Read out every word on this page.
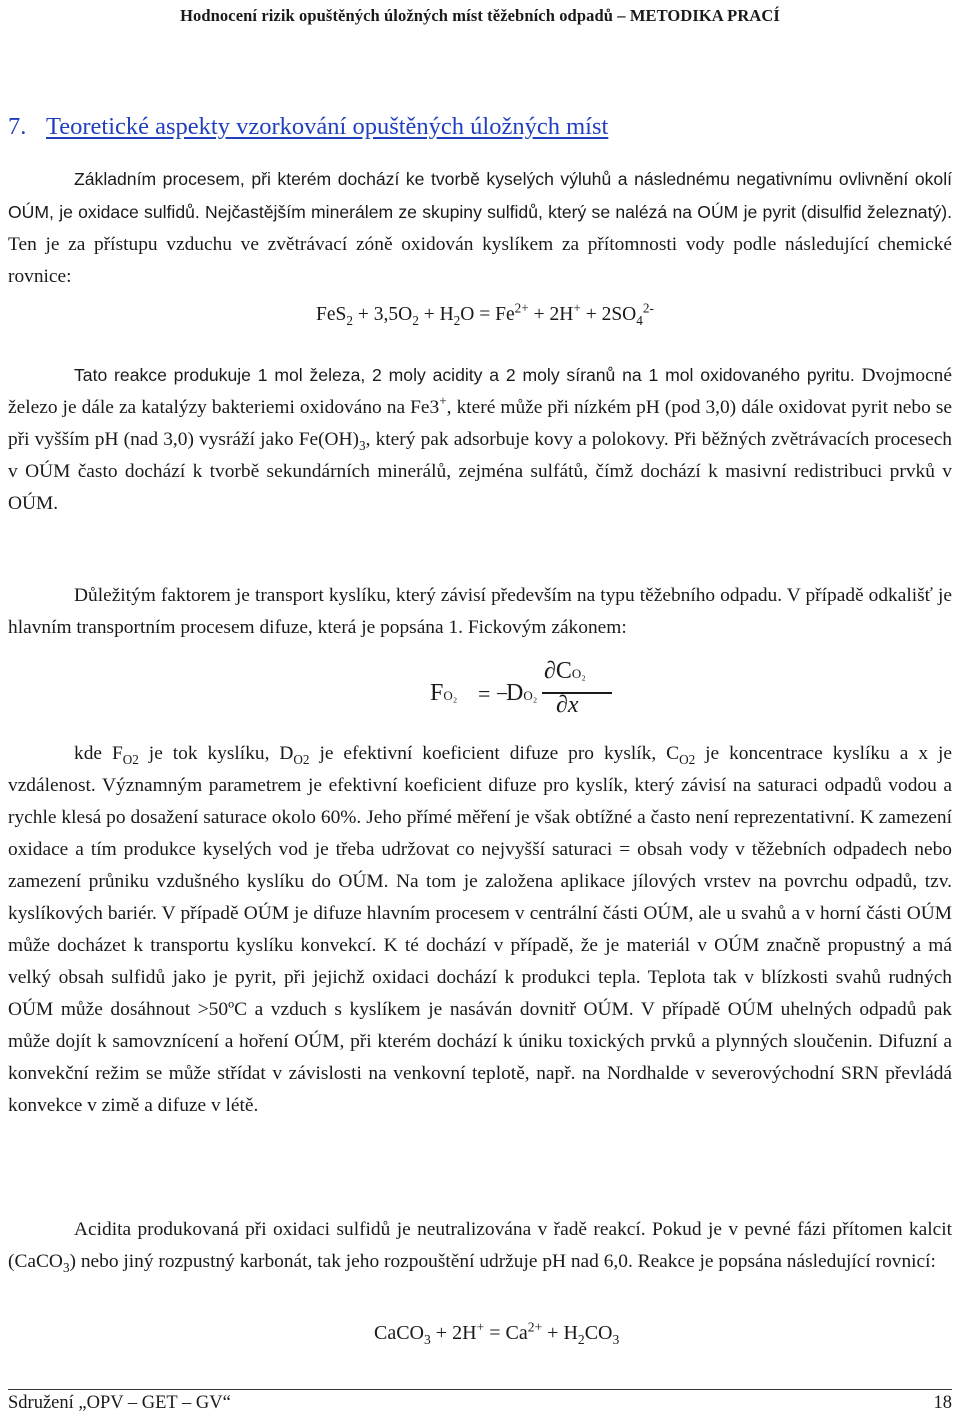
Hodnocení rizik opuštěných úložných míst těžebních odpadů – METODIKA PRACÍ
7. Teoretické aspekty vzorkování opuštěných úložných míst

Základním procesem, při kterém dochází ke tvorbě kyselých výluhů a následnému negativnímu ovlivnění okolí OÚM, je oxidace sulfidů. Nejčastějším minerálem ze skupiny sulfidů, který se nalézá na OÚM je pyrit (disulfid železnatý). Ten je za přístupu vzduchu ve zvětrávací zóně oxidován kyslíkem za přítomnosti vody podle následující chemické rovnice:

$FeS_2 + 3,5O_2 + H_2O = Fe^{2+} + 2H^+ + 2SO_4^{2-}$

Tato reakce produkuje 1 mol železa, 2 moly acidity a 2 moly síranů na 1 mol oxidovaného pyritu. Dvojmocné železo je dále za katalýzy bakteriemi oxidováno na Fe3+, které může při nízkém pH (pod 3,0) dále oxidovat pyrit nebo se při vyšším pH (nad 3,0) vysráží jako $Fe(OH)_3$, který pak adsorbuje kovy a polokovy. Při běžných zvětrávacích procesech v OÚM často dochází k tvorbě sekundárních minerálů, zejména sulfátů, čímž dochází k masivní redistribuci prvků v OÚM.

Důležitým faktorem je transport kyslíku, který závisí především na typu těžebního odpadu. V případě odkališť je hlavním transportním procesem difuze, která je popsána 1. Fickovým zákonem:

FO₂ = −
DO₂
∂CO₂
∂x

kde $F_{O2}$ je tok kyslíku, $D_{O2}$ je efektivní koeficient difuze pro kyslík, $C_{O2}$ je koncentrace kyslíku a x je vzdálenost. Významným parametrem je efektivní koeficient difuze pro kyslík, který závisí na saturaci odpadů vodou a rychle klesá po dosažení saturace okolo 60%. Jeho přímé měření je však obtížné a často není reprezentativní. K zamezení oxidace a tím produkce kyselých vod je třeba udržovat co nejvyšší saturaci = obsah vody v těžebních odpadech nebo zamezení průniku vzdušného kyslíku do OÚM. Na tom je založena aplikace jílových vrstev na povrchu odpadů, tzv. kyslíkových bariér. V případě OÚM je difuze hlavním procesem v centrální části OÚM, ale u svahů a v horní části OÚM může docházet k transportu kyslíku konvekcí. K té dochází v případě, že je materiál v OÚM značně propustný a má velký obsah sulfidů jako je pyrit, při jejichž oxidaci dochází k produkci tepla. Teplota tak v blízkosti svahů rudných OÚM může dosáhnout >50ºC a vzduch s kyslíkem je nasáván dovnitř OÚM. V případě OÚM uhelných odpadů pak může dojít k samovznícení a hoření OÚM, při kterém dochází k úniku toxických prvků a plynných sloučenin. Difuzní a konvekční režim se může střídat v závislosti na venkovní teplotě, např. na Nordhalde v severovýchodní SRN převládá konvekce v zimě a difuze v létě.

Acidita produkovaná při oxidaci sulfidů je neutralizována v řadě reakcí. Pokud je v pevné fázi přítomen kalcit (CaCO$_3$) nebo jiný rozpustný karbonát, tak jeho rozpouštění udržuje pH nad 6,0. Reakce je popsána následující rovnicí:

CaCO$_3$ + $2H^+ = Ca^{2+} + H_2CO_3$
Sdružení „OPV – GET – GV“	18
